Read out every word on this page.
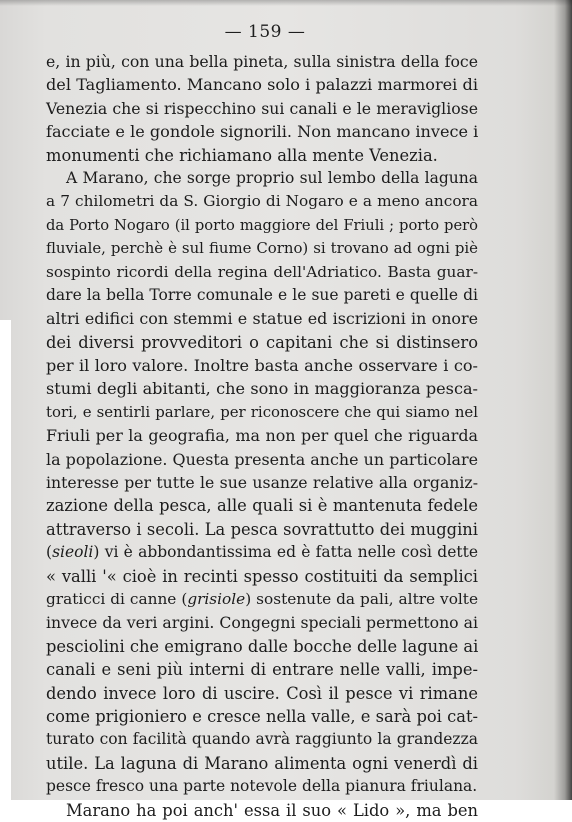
— 159 —
e, in più, con una bella pineta, sulla sinistra della foce
del Tagliamento. Mancano solo i palazzi marmorei di
Venezia che si rispecchino sui canali e le meravigliose
facciate e le gondole signorili. Non mancano invece i
monumenti che richiamano alla mente Venezia.
A Marano, che sorge proprio sul lembo della laguna
a 7 chilometri da S. Giorgio di Nogaro e a meno ancora
da Porto Nogaro (il porto maggiore del Friuli ; porto però
fluviale, perchè è sul fiume Corno) si trovano ad ogni piè
sospinto ricordi della regina dell'Adriatico. Basta guar-
dare la bella Torre comunale e le sue pareti e quelle di
altri edifici con stemmi e statue ed iscrizioni in onore
dei diversi provveditori o capitani che si distinsero
per il loro valore. Inoltre basta anche osservare i co-
stumi degli abitanti, che sono in maggioranza pesca-
tori, e sentirli parlare, per riconoscere che qui siamo nel
Friuli per la geografia, ma non per quel che riguarda
la popolazione. Questa presenta anche un particolare
interesse per tutte le sue usanze relative alla organiz-
zazione della pesca, alle quali si è mantenuta fedele
attraverso i secoli. La pesca sovrattutto dei muggini
(sieoli) vi è abbondantissima ed è fatta nelle così dette
« valli '« cioè in recinti spesso costituiti da semplici
graticci di canne (grisiole) sostenute da pali, altre volte
invece da veri argini. Congegni speciali permettono ai
pesciolini che emigrano dalle bocche delle lagune ai
canali e seni più interni di entrare nelle valli, impe-
dendo invece loro di uscire. Così il pesce vi rimane
come prigioniero e cresce nella valle, e sarà poi cat-
turato con facilità quando avrà raggiunto la grandezza
utile. La laguna di Marano alimenta ogni venerdì di
pesce fresco una parte notevole della pianura friulana.
Marano ha poi anch' essa il suo « Lido », ma ben
